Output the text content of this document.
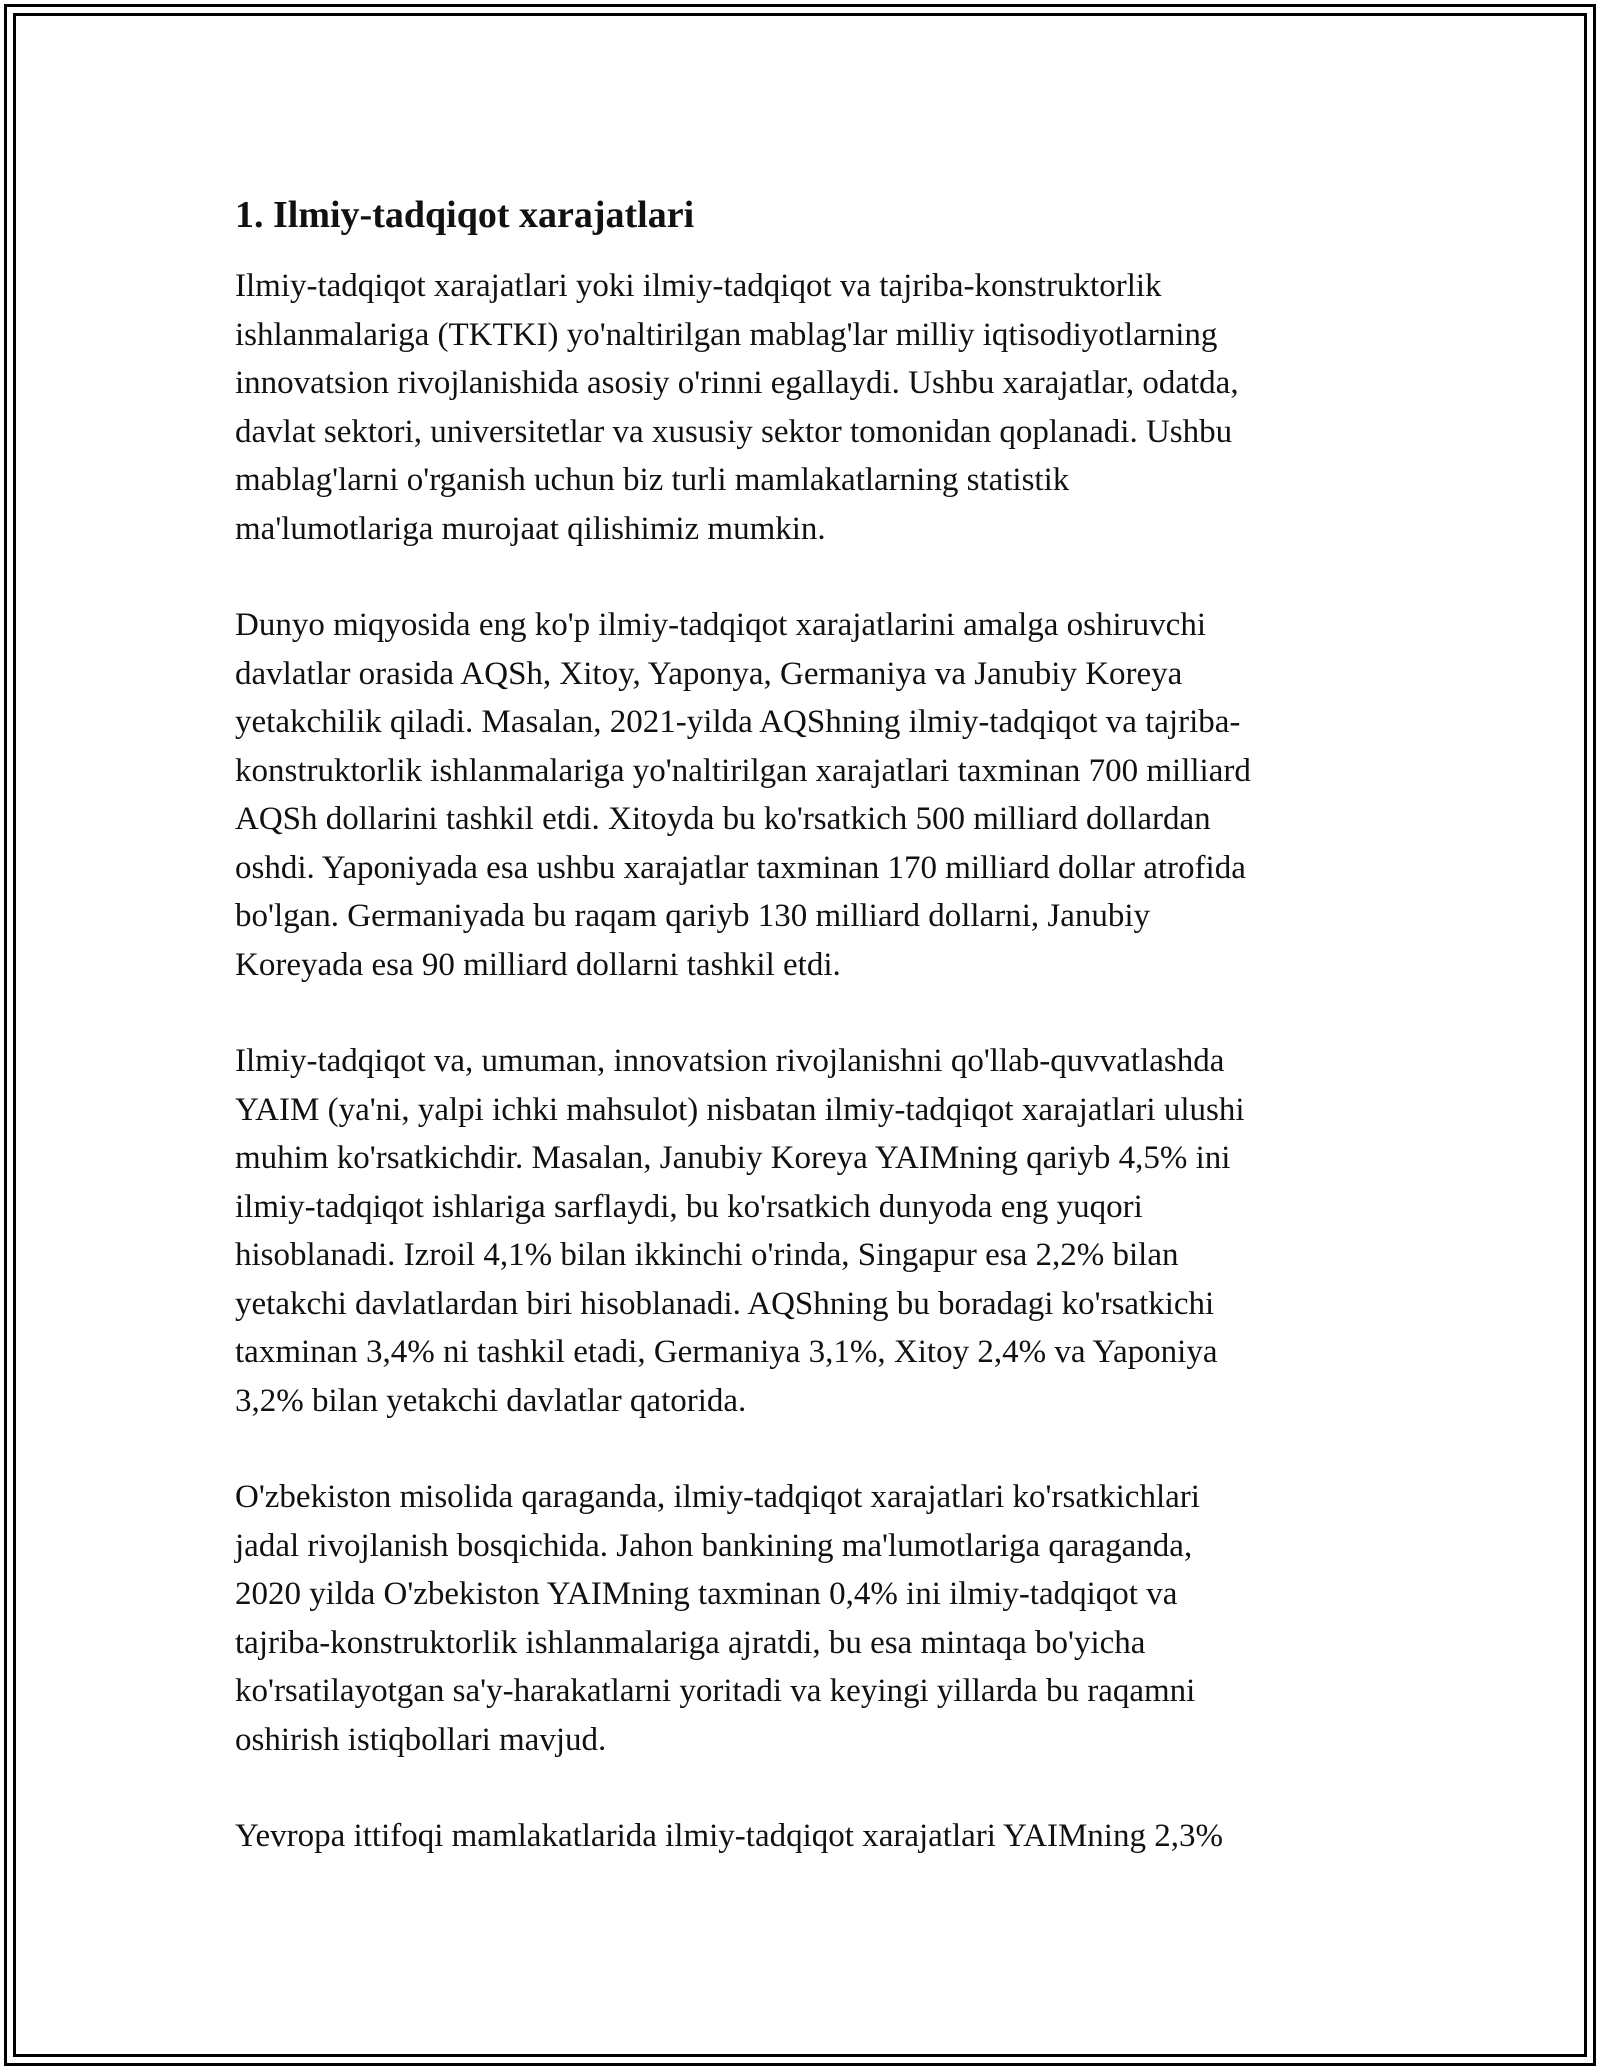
1. Ilmiy-tadqiqot xarajatlari

Ilmiy-tadqiqot xarajatlari yoki ilmiy-tadqiqot va tajriba-konstruktorlik
ishlanmalariga (TKTKI) yo'naltirilgan mablag'lar milliy iqtisodiyotlarning
innovatsion rivojlanishida asosiy o'rinni egallaydi. Ushbu xarajatlar, odatda,
davlat sektori, universitetlar va xususiy sektor tomonidan qoplanadi. Ushbu
mablag'larni o'rganish uchun biz turli mamlakatlarning statistik
ma'lumotlariga murojaat qilishimiz mumkin.

Dunyo miqyosida eng ko'p ilmiy-tadqiqot xarajatlarini amalga oshiruvchi
davlatlar orasida AQSh, Xitoy, Yaponya, Germaniya va Janubiy Koreya
yetakchilik qiladi. Masalan, 2021-yilda AQShning ilmiy-tadqiqot va tajriba-
konstruktorlik ishlanmalariga yo'naltirilgan xarajatlari taxminan 700 milliard
AQSh dollarini tashkil etdi. Xitoyda bu ko'rsatkich 500 milliard dollardan
oshdi. Yaponiyada esa ushbu xarajatlar taxminan 170 milliard dollar atrofida
bo'lgan. Germaniyada bu raqam qariyb 130 milliard dollarni, Janubiy
Koreyada esa 90 milliard dollarni tashkil etdi.

Ilmiy-tadqiqot va, umuman, innovatsion rivojlanishni qo'llab-quvvatlashda
YAIM (ya'ni, yalpi ichki mahsulot) nisbatan ilmiy-tadqiqot xarajatlari ulushi
muhim ko'rsatkichdir. Masalan, Janubiy Koreya YAIMning qariyb 4,5% ini
ilmiy-tadqiqot ishlariga sarflaydi, bu ko'rsatkich dunyoda eng yuqori
hisoblanadi. Izroil 4,1% bilan ikkinchi o'rinda, Singapur esa 2,2% bilan
yetakchi davlatlardan biri hisoblanadi. AQShning bu boradagi ko'rsatkichi
taxminan 3,4% ni tashkil etadi, Germaniya 3,1%, Xitoy 2,4% va Yaponiya
3,2% bilan yetakchi davlatlar qatorida.

O'zbekiston misolida qaraganda, ilmiy-tadqiqot xarajatlari ko'rsatkichlari
jadal rivojlanish bosqichida. Jahon bankining ma'lumotlariga qaraganda,
2020 yilda O'zbekiston YAIMning taxminan 0,4% ini ilmiy-tadqiqot va
tajriba-konstruktorlik ishlanmalariga ajratdi, bu esa mintaqa bo'yicha
ko'rsatilayotgan sa'y-harakatlarni yoritadi va keyingi yillarda bu raqamni
oshirish istiqbollari mavjud.

Yevropa ittifoqi mamlakatlarida ilmiy-tadqiqot xarajatlari YAIMning 2,3%
